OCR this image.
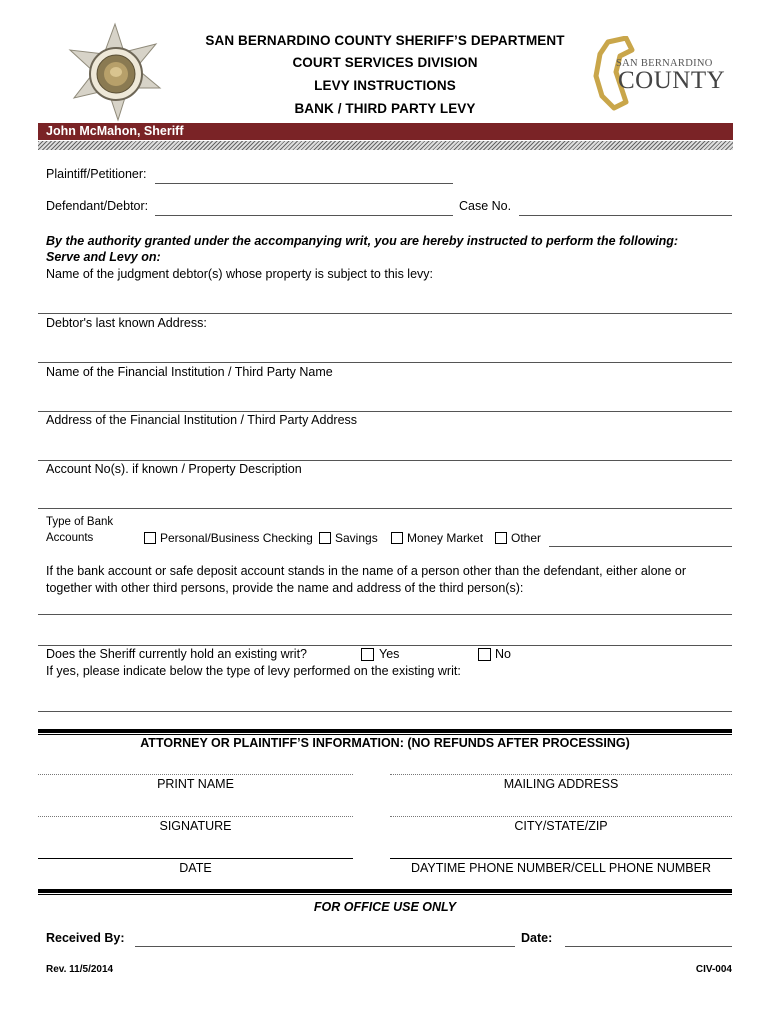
SAN BERNARDINO
COUNTY
SAN BERNARDINO COUNTY SHERIFF’S DEPARTMENT
COURT SERVICES DIVISION
LEVY INSTRUCTIONS
BANK / THIRD PARTY LEVY
John McMahon, Sheriff
Plaintiff/Petitioner:
Defendant/Debtor:	Case No.
By the authority granted under the accompanying writ, you are hereby instructed to perform the following:
Serve and Levy on:
Name of the judgment debtor(s) whose property is subject to this levy:
Debtor's last known Address:
Name of the Financial Institution / Third Party Name
Address of the Financial Institution / Third Party Address
Account No(s). if known / Property Description
Type of Bank
Accounts	Personal/Business Checking Savings Money Market Other
If the bank account or safe deposit account stands in the name of a person other than the defendant, either alone or
together with other third persons, provide the name and address of the third person(s):
Does the Sheriff currently hold an existing writ?	Yes	No
If yes, please indicate below the type of levy performed on the existing writ:
ATTORNEY OR PLAINTIFF’S INFORMATION: (NO REFUNDS AFTER PROCESSING)
PRINT NAME	MAILING ADDRESS
SIGNATURE	CITY/STATE/ZIP
DATE	DAYTIME PHONE NUMBER/CELL PHONE NUMBER
FOR OFFICE USE ONLY
Received By:	Date:
Rev. 11/5/2014	CIV-004
